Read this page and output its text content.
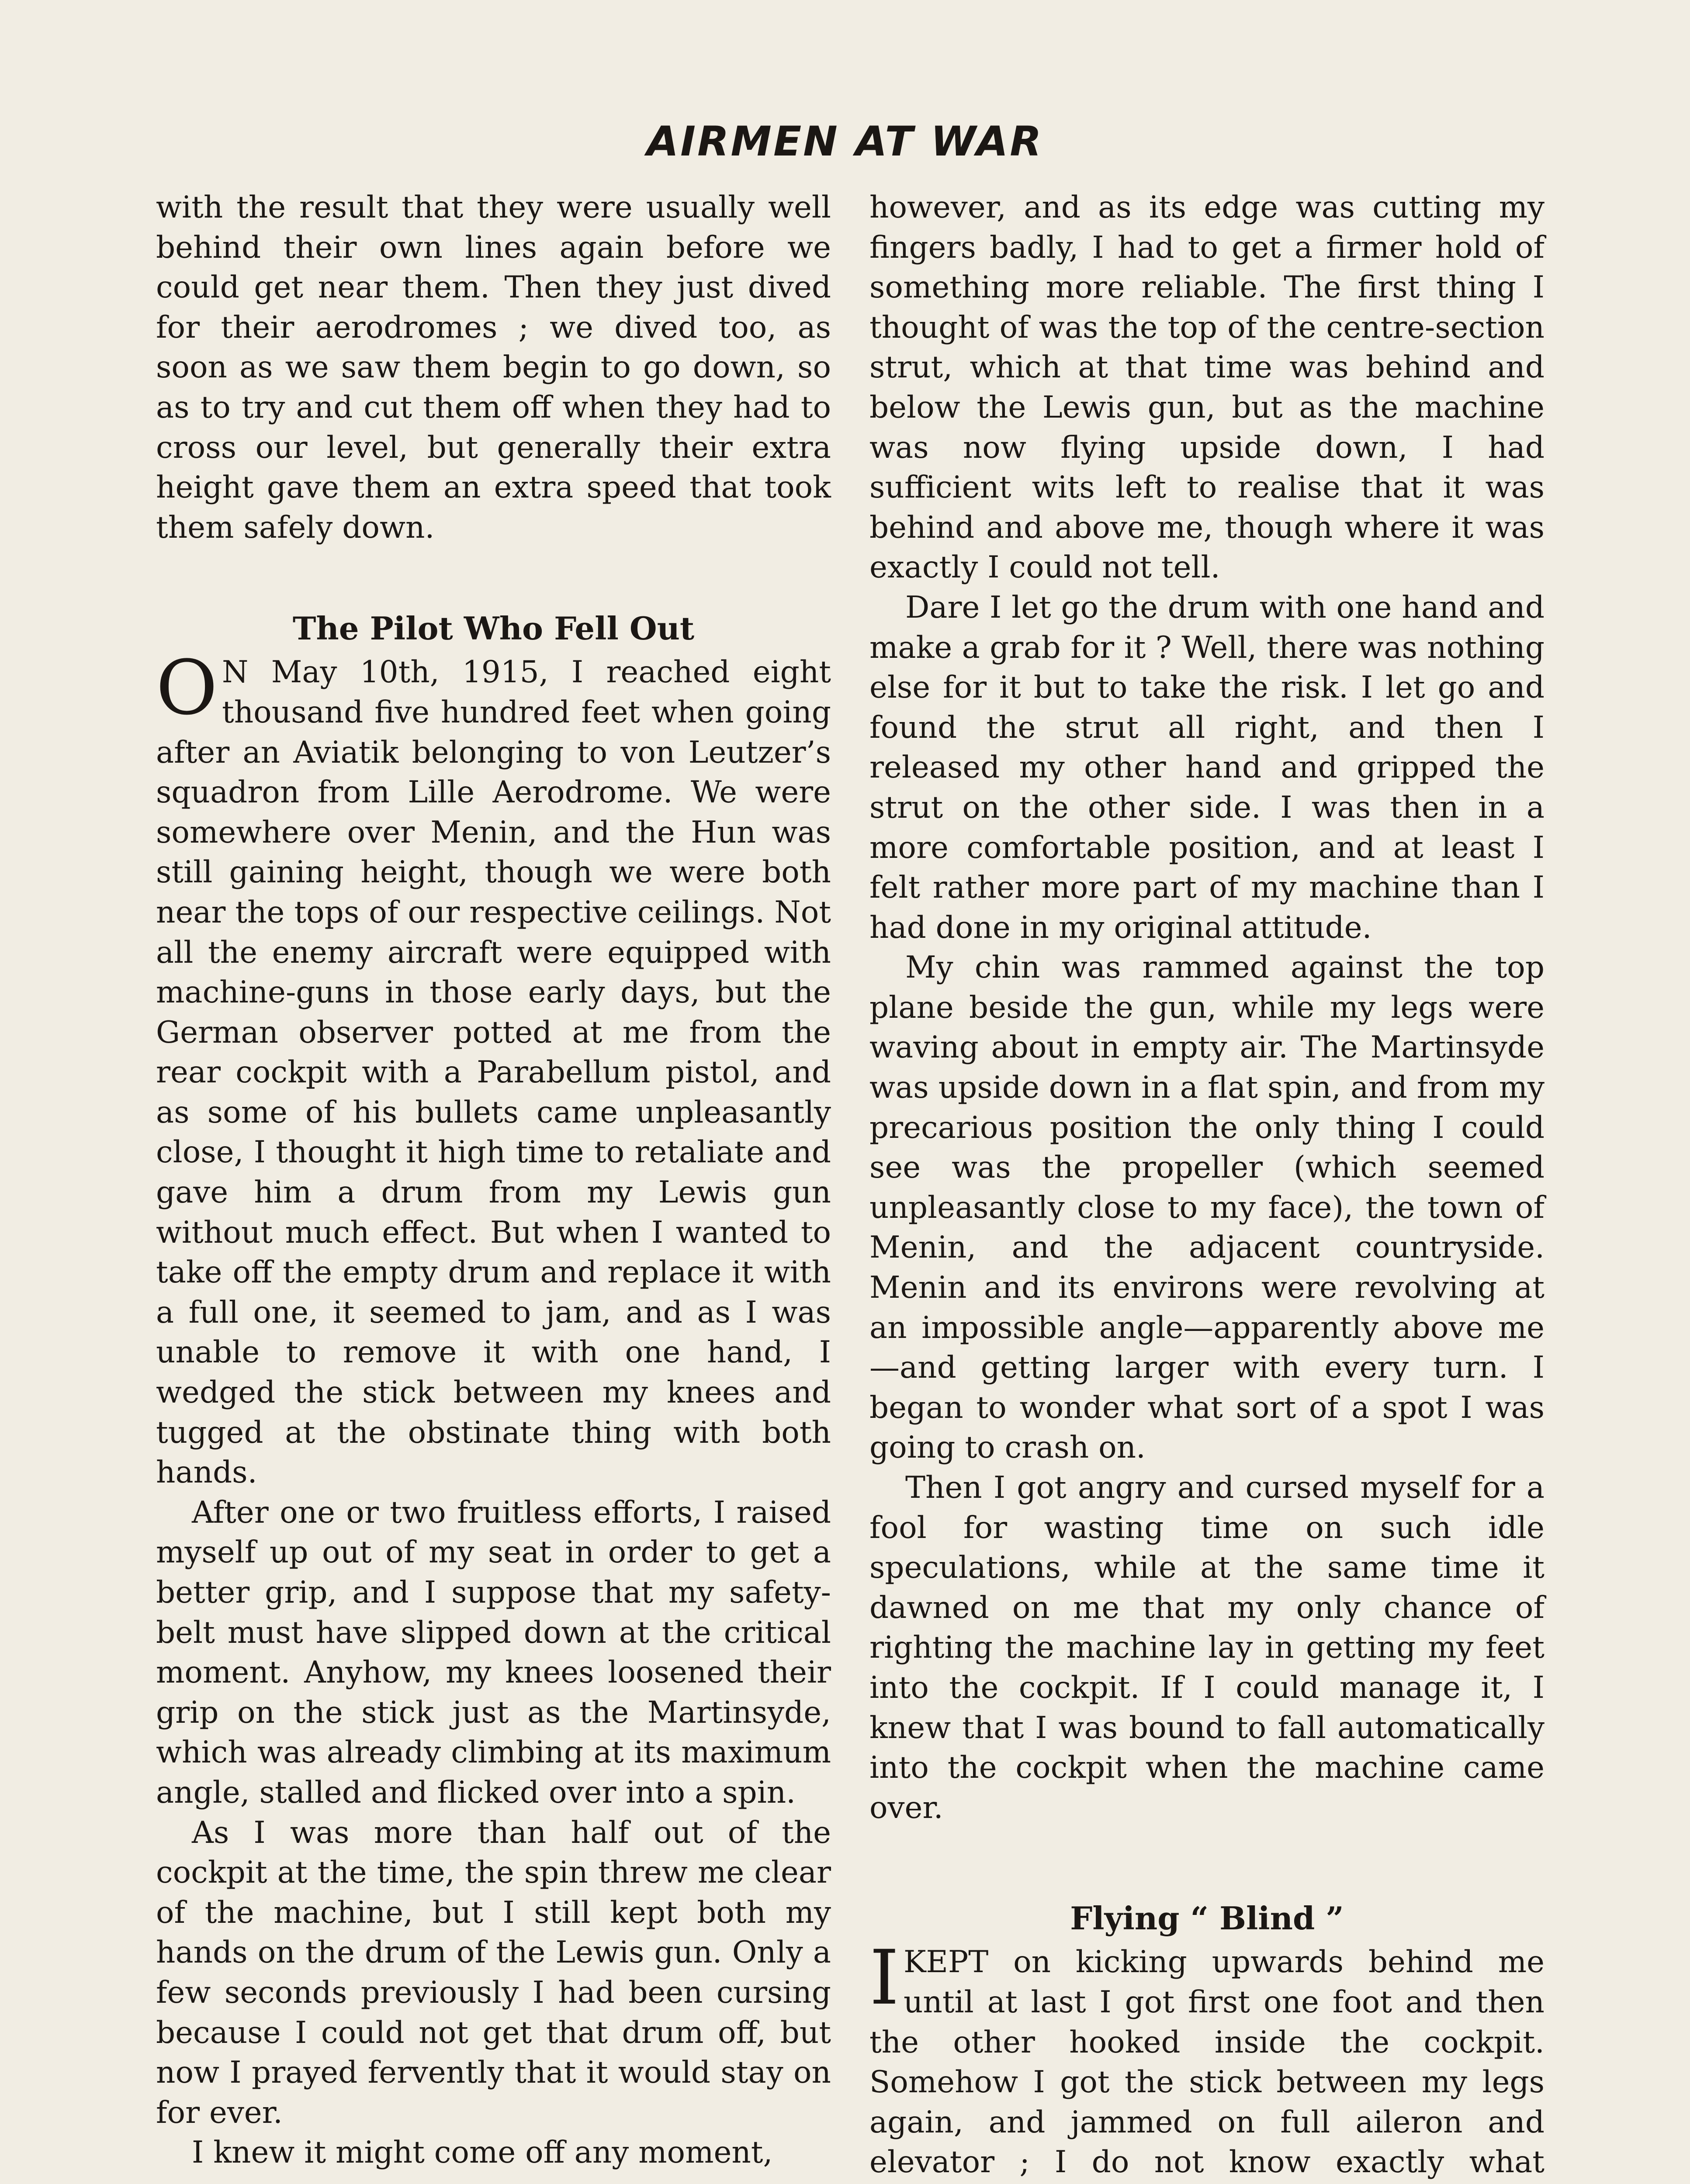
AIRMEN AT WAR

with the result that they were usually well behind their own lines again before we could get near them. Then they just dived for their aerodromes ; we dived too, as soon as we saw them begin to go down, so as to try and cut them off when they had to cross our level, but generally their extra height gave them an extra speed that took them safely down.

The Pilot Who Fell Out

O N May 10th, 1915, I reached eight thousand five hundred feet when going after an Aviatik belonging to von Leutzer’s squadron from Lille Aerodrome. We were somewhere over Menin, and the Hun was still gaining height, though we were both near the tops of our respective ceilings. Not all the enemy aircraft were equipped with machine-guns in those early days, but the German observer potted at me from the rear cockpit with a Parabellum pistol, and as some of his bullets came unpleasantly close, I thought it high time to retaliate and gave him a drum from my Lewis gun without much effect. But when I wanted to take off the empty drum and replace it with a full one, it seemed to jam, and as I was unable to remove it with one hand, I wedged the stick between my knees and tugged at the obstinate thing with both hands.

After one or two fruitless efforts, I raised myself up out of my seat in order to get a better grip, and I suppose that my safety-belt must have slipped down at the critical moment. Anyhow, my knees loosened their grip on the stick just as the Martinsyde, which was already climbing at its maximum angle, stalled and flicked over into a spin.

As I was more than half out of the cockpit at the time, the spin threw me clear of the machine, but I still kept both my hands on the drum of the Lewis gun. Only a few seconds previously I had been cursing because I could not get that drum off, but now I prayed fervently that it would stay on for ever.

I knew it might come off any moment,

however, and as its edge was cutting my fingers badly, I had to get a firmer hold of something more reliable. The first thing I thought of was the top of the centre-section strut, which at that time was behind and below the Lewis gun, but as the machine was now flying upside down, I had sufficient wits left to realise that it was behind and above me, though where it was exactly I could not tell.

Dare I let go the drum with one hand and make a grab for it ? Well, there was nothing else for it but to take the risk. I let go and found the strut all right, and then I released my other hand and gripped the strut on the other side. I was then in a more comfortable position, and at least I felt rather more part of my machine than I had done in my original attitude.

My chin was rammed against the top plane beside the gun, while my legs were waving about in empty air. The Martinsyde was upside down in a flat spin, and from my precarious position the only thing I could see was the propeller (which seemed unpleasantly close to my face), the town of Menin, and the adjacent countryside. Menin and its environs were revolving at an impossible angle—apparently above me—and getting larger with every turn. I began to wonder what sort of a spot I was going to crash on.

Then I got angry and cursed myself for a fool for wasting time on such idle speculations, while at the same time it dawned on me that my only chance of righting the machine lay in getting my feet into the cockpit. If I could manage it, I knew that I was bound to fall automatically into the cockpit when the machine came over.

Flying “ Blind ”

IKEPT on kicking upwards behind me until at last I got first one foot and then the other hooked inside the cockpit. Somehow I got the stick between my legs again, and jammed on full aileron and elevator ; I do not know exactly what
